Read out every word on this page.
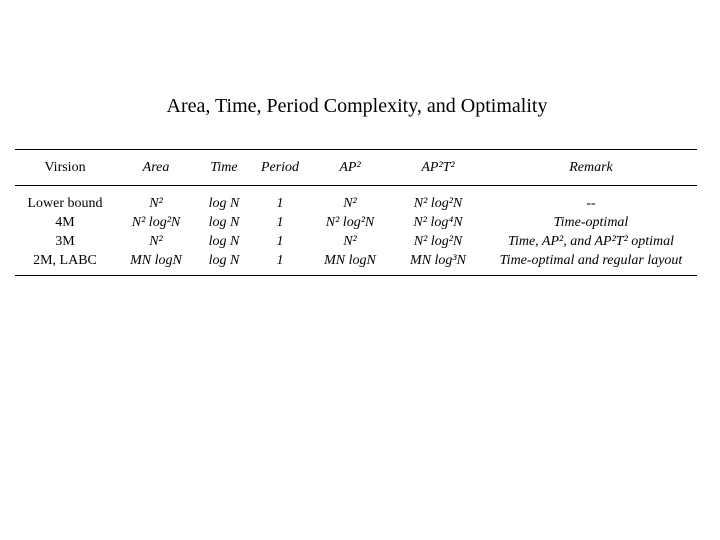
Area, Time, Period Complexity, and Optimality
Virsion	Area	Time	Period	AP²	AP²T²	Remark
Lower bound	N²	log N	1	N²	N² log²N	--
4M	N² log²N	log N	1	N² log²N	N² log⁴N	Time-optimal
3M	N²	log N	1	N²	N² log²N	Time, AP², and AP²T² optimal
2M, LABC	MN logN	log N	1	MN logN	MN log³N	Time-optimal and regular layout
